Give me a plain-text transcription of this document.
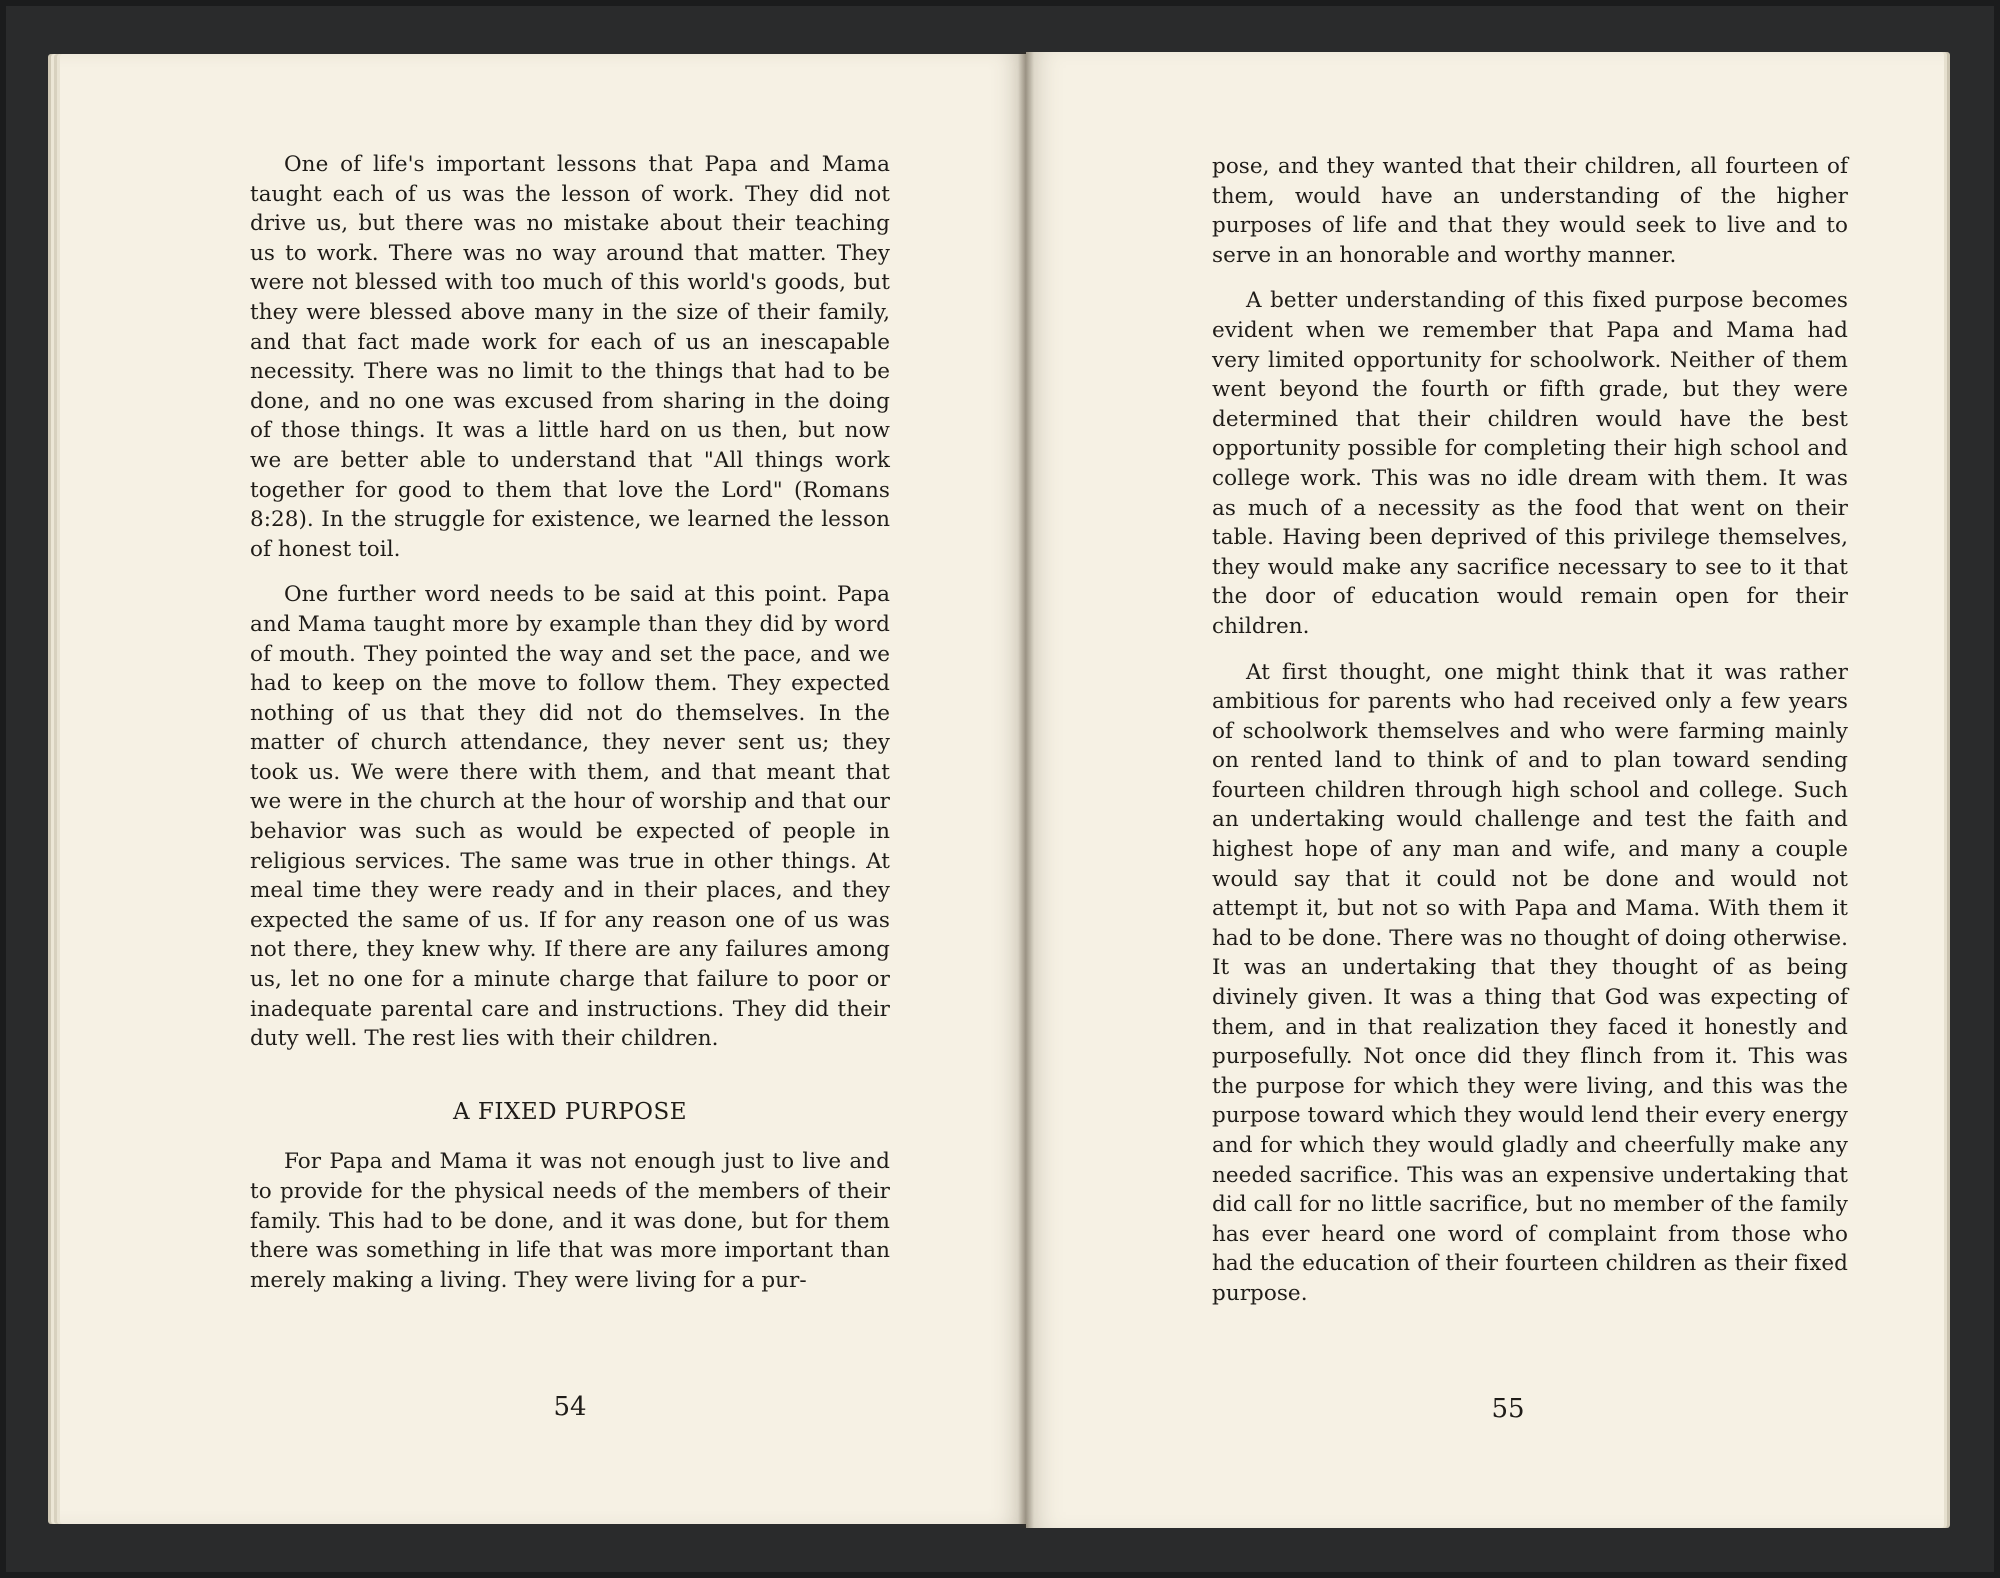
One of life's important lessons that Papa and Mama taught each of us was the lesson of work. They did not drive us, but there was no mistake about their teaching us to work. There was no way around that matter. They were not blessed with too much of this world's goods, but they were blessed above many in the size of their family, and that fact made work for each of us an inescapable necessity. There was no limit to the things that had to be done, and no one was excused from sharing in the doing of those things. It was a little hard on us then, but now we are better able to understand that "All things work together for good to them that love the Lord" (Romans 8:28). In the struggle for existence, we learned the lesson of honest toil.

One further word needs to be said at this point. Papa and Mama taught more by example than they did by word of mouth. They pointed the way and set the pace, and we had to keep on the move to follow them. They expected nothing of us that they did not do themselves. In the matter of church attendance, they never sent us; they took us. We were there with them, and that meant that we were in the church at the hour of worship and that our behavior was such as would be expected of people in religious services. The same was true in other things. At meal time they were ready and in their places, and they expected the same of us. If for any reason one of us was not there, they knew why. If there are any failures among us, let no one for a minute charge that failure to poor or inadequate parental care and instructions. They did their duty well. The rest lies with their children.

A FIXED PURPOSE

For Papa and Mama it was not enough just to live and to provide for the physical needs of the members of their family. This had to be done, and it was done, but for them there was something in life that was more important than merely making a living. They were living for a pur-

54

pose, and they wanted that their children, all fourteen of them, would have an understanding of the higher purposes of life and that they would seek to live and to serve in an honorable and worthy manner.

A better understanding of this fixed purpose becomes evident when we remember that Papa and Mama had very limited opportunity for schoolwork. Neither of them went beyond the fourth or fifth grade, but they were determined that their children would have the best opportunity possible for completing their high school and college work. This was no idle dream with them. It was as much of a necessity as the food that went on their table. Having been deprived of this privilege themselves, they would make any sacrifice necessary to see to it that the door of education would remain open for their children.

At first thought, one might think that it was rather ambitious for parents who had received only a few years of schoolwork themselves and who were farming mainly on rented land to think of and to plan toward sending fourteen children through high school and college. Such an undertaking would challenge and test the faith and highest hope of any man and wife, and many a couple would say that it could not be done and would not attempt it, but not so with Papa and Mama. With them it had to be done. There was no thought of doing otherwise. It was an undertaking that they thought of as being divinely given. It was a thing that God was expecting of them, and in that realization they faced it honestly and purposefully. Not once did they flinch from it. This was the purpose for which they were living, and this was the purpose toward which they would lend their every energy and for which they would gladly and cheerfully make any needed sacrifice. This was an expensive undertaking that did call for no little sacrifice, but no member of the family has ever heard one word of complaint from those who had the education of their fourteen children as their fixed purpose.

55
